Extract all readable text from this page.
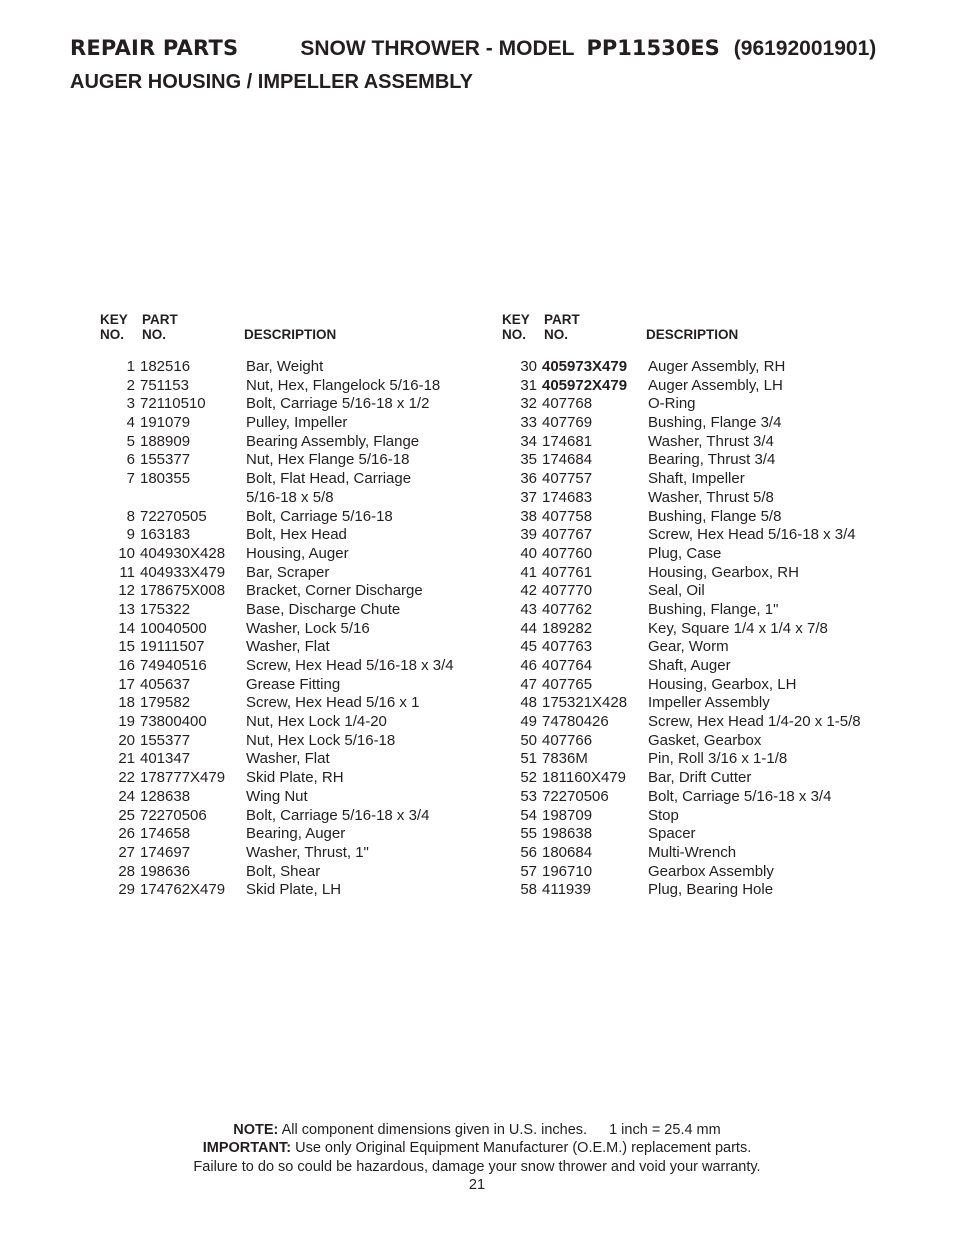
REPAIR PARTS	SNOW THROWER - MODEL PP11530ES (96192001901)
AUGER HOUSING / IMPELLER ASSEMBLY
KEY
NO.
PART
NO.	DESCRIPTION
1 182516	Bar, Weight
2 751153	Nut, Hex, Flangelock 5/16-18
3 72110510	Bolt, Carriage 5/16-18 x 1/2
4 191079	Pulley, Impeller
5 188909	Bearing Assembly, Flange
6 155377	Nut, Hex Flange 5/16-18
7 180355	Bolt, Flat Head, Carriage
5/16-18 x 5/8
8 72270505	Bolt, Carriage 5/16-18
9 163183	Bolt, Hex Head
10 404930X428	Housing, Auger
11 404933X479	Bar, Scraper
12 178675X008	Bracket, Corner Discharge
13 175322	Base, Discharge Chute
14 10040500	Washer, Lock 5/16
15 19111507	Washer, Flat
16 74940516	Screw, Hex Head 5/16-18 x 3/4
17 405637	Grease Fitting
18 179582	Screw, Hex Head 5/16 x 1
19 73800400	Nut, Hex Lock 1/4-20
20 155377	Nut, Hex Lock 5/16-18
21 401347	Washer, Flat
22 178777X479	Skid Plate, RH
24 128638	Wing Nut
25 72270506	Bolt, Carriage 5/16-18 x 3/4
26 174658	Bearing, Auger
27 174697	Washer, Thrust, 1"
28 198636	Bolt, Shear
29 174762X479	Skid Plate, LH
KEY
NO.
PART
NO.	DESCRIPTION
30 405973X479	Auger Assembly, RH
31 405972X479	Auger Assembly, LH
32 407768	O-Ring
33 407769	Bushing, Flange 3/4
34 174681	Washer, Thrust 3/4
35 174684	Bearing, Thrust 3/4
36 407757	Shaft, Impeller
37 174683	Washer, Thrust 5/8
38 407758	Bushing, Flange 5/8
39 407767	Screw, Hex Head 5/16-18 x 3/4
40 407760	Plug, Case
41 407761	Housing, Gearbox, RH
42 407770	Seal, Oil
43 407762	Bushing, Flange, 1"
44 189282	Key, Square 1/4 x 1/4 x 7/8
45 407763	Gear, Worm
46 407764	Shaft, Auger
47 407765	Housing, Gearbox, LH
48 175321X428	Impeller Assembly
49 74780426	Screw, Hex Head 1/4-20 x 1-5/8
50 407766	Gasket, Gearbox
51 7836M	Pin, Roll 3/16 x 1-1/8
52 181160X479	Bar, Drift Cutter
53 72270506	Bolt, Carriage 5/16-18 x 3/4
54 198709	Stop
55 198638	Spacer
56 180684	Multi-Wrench
57 196710	Gearbox Assembly
58 411939	Plug, Bearing Hole
NOTE: All component dimensions given in U.S. inches. 1 inch = 25.4 mm
IMPORTANT: Use only Original Equipment Manufacturer (O.E.M.) replacement parts.
Failure to do so could be hazardous, damage your snow thrower and void your warranty.
21
